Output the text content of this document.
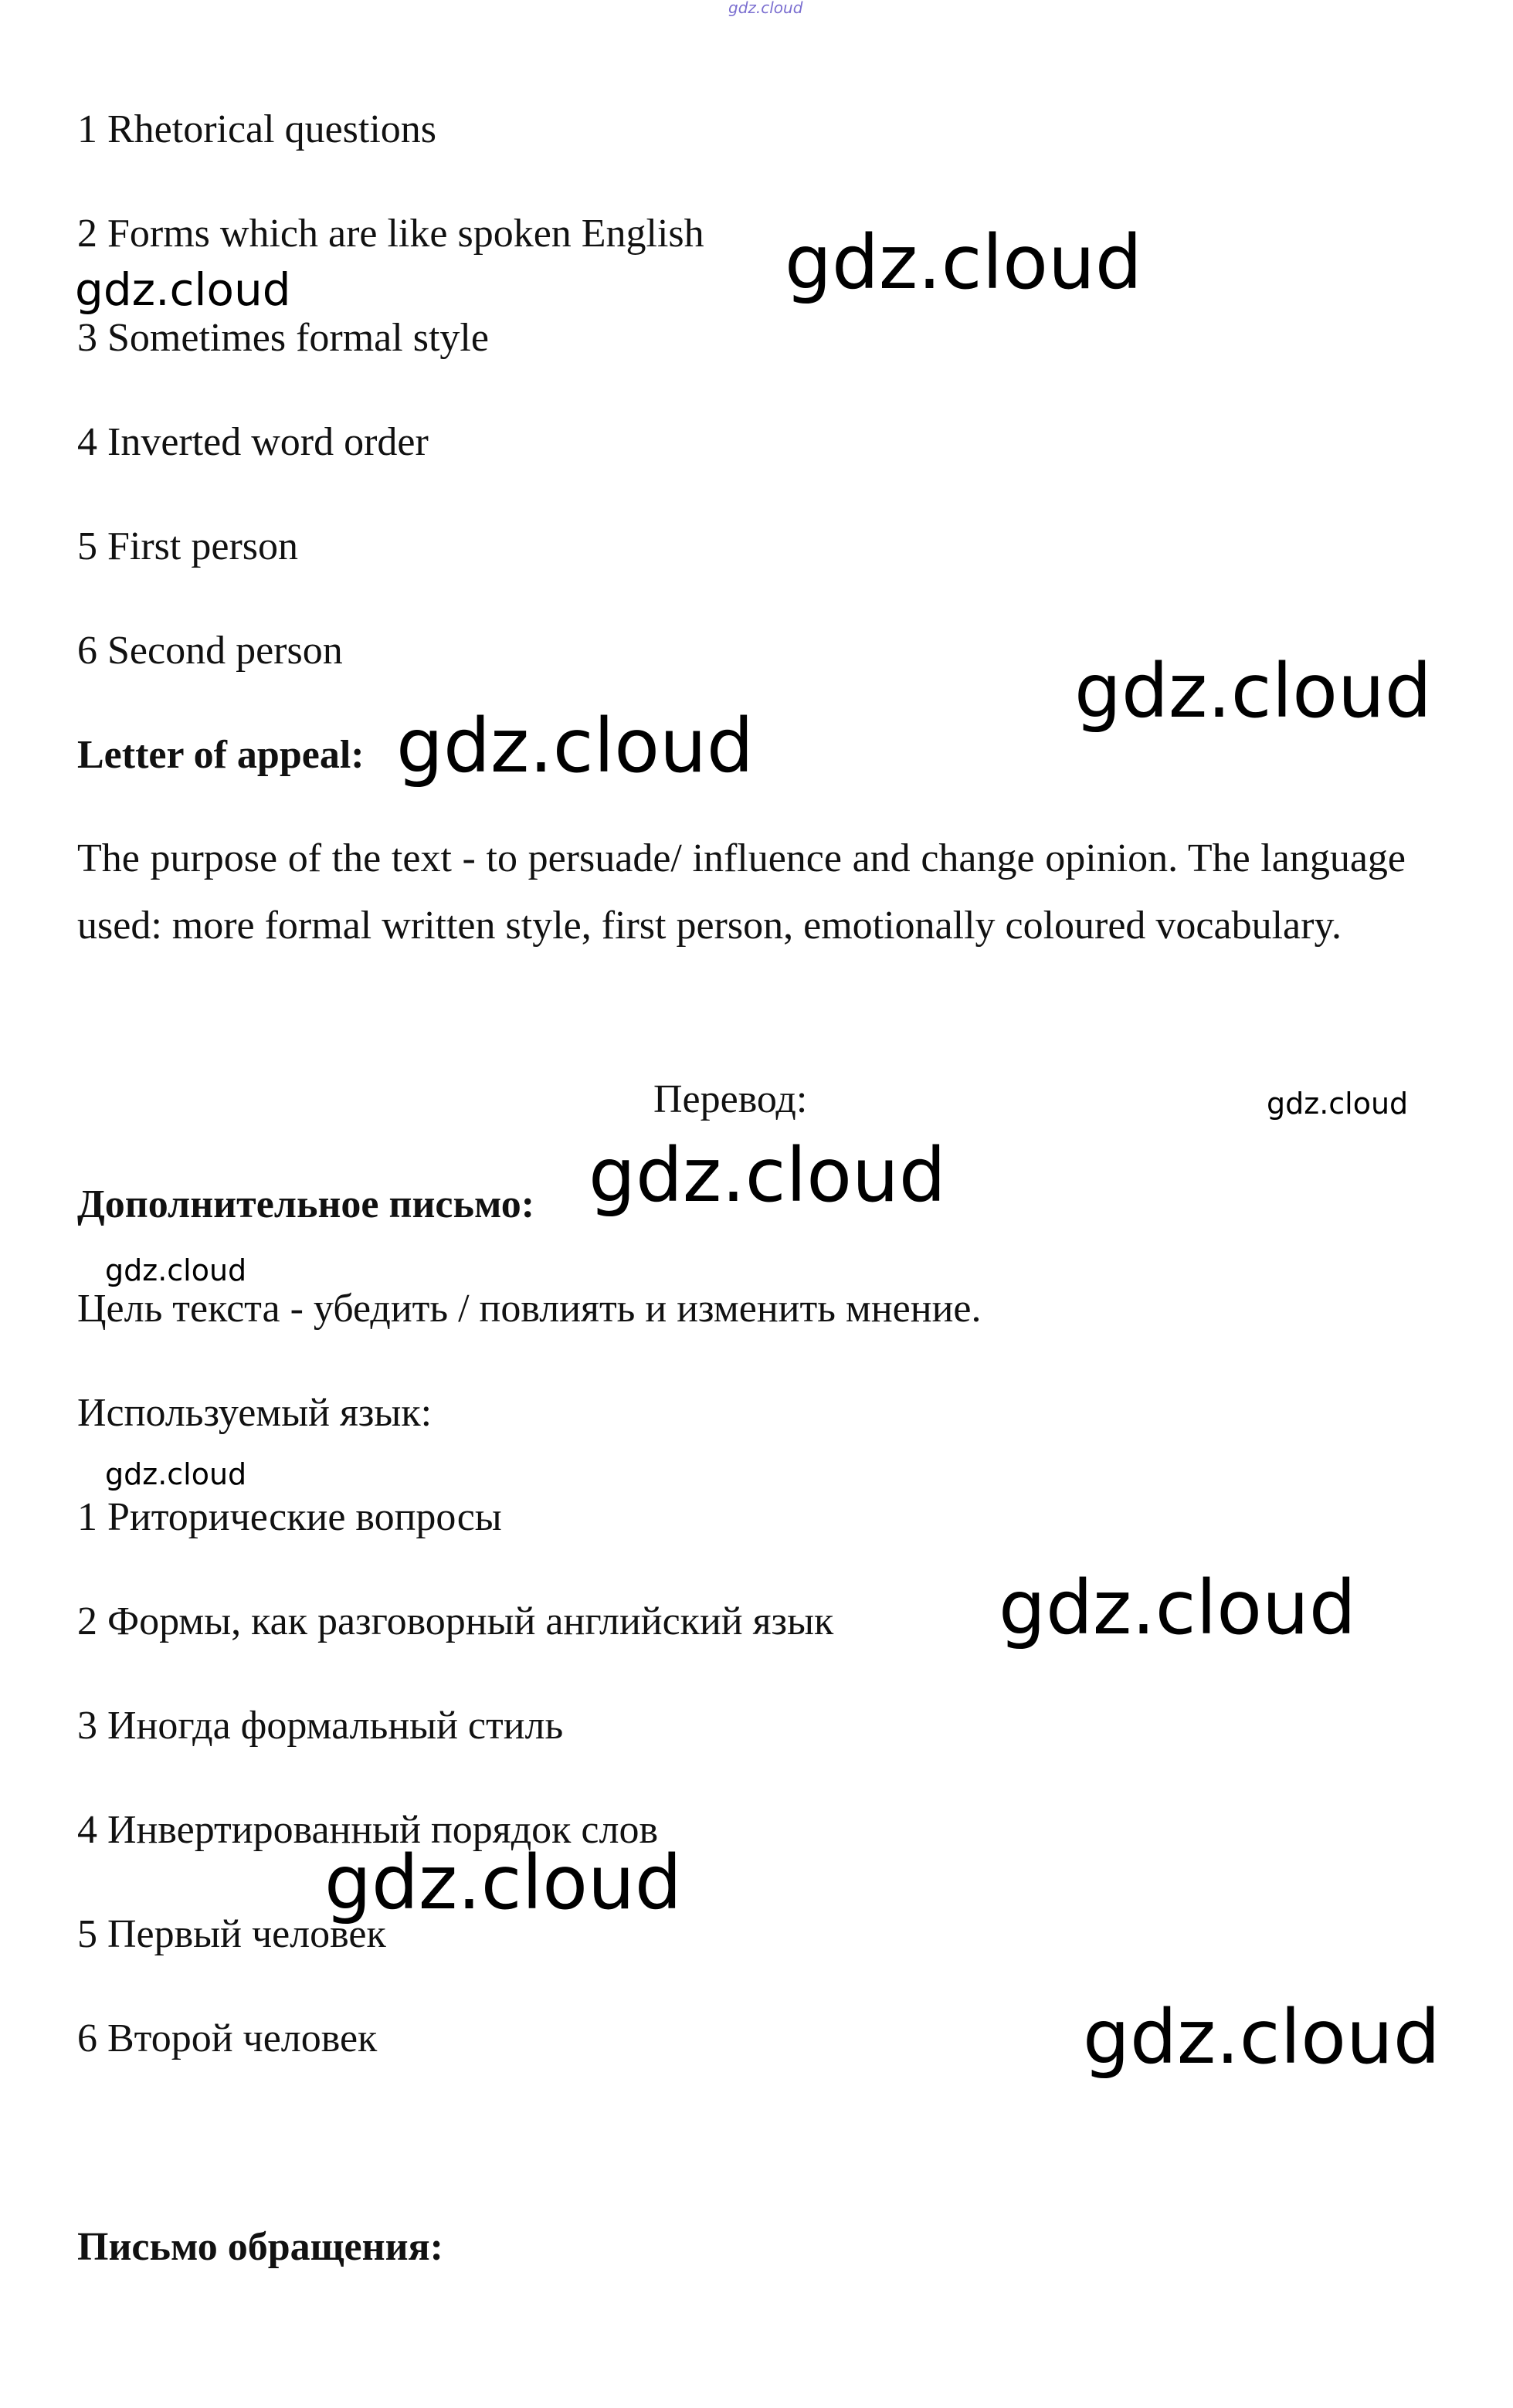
gdz.cloud
1 Rhetorical questions
2 Forms which are like spoken English
3 Sometimes formal style
4 Inverted word order
5 First person
6 Second person
Letter of appeal:
The purpose of the text - to persuade/ influence and change opinion. The language used: more formal written style, first person, emotionally coloured vocabulary.
Перевод:
Дополнительное письмо:
Цель текста - убедить / повлиять и изменить мнение.
Используемый язык:
1 Риторические вопросы
2 Формы, как разговорный английский язык
3 Иногда формальный стиль
4 Инвертированный порядок слов
5 Первый человек
6 Второй человек
Письмо обращения:
gdz.cloud	gdz.cloud
gdz.cloud
gdz.cloud
gdz.cloud
gdz.cloud
gdz.cloud
gdz.cloud
gdz.cloud
gdz.cloud
gdz.cloud
